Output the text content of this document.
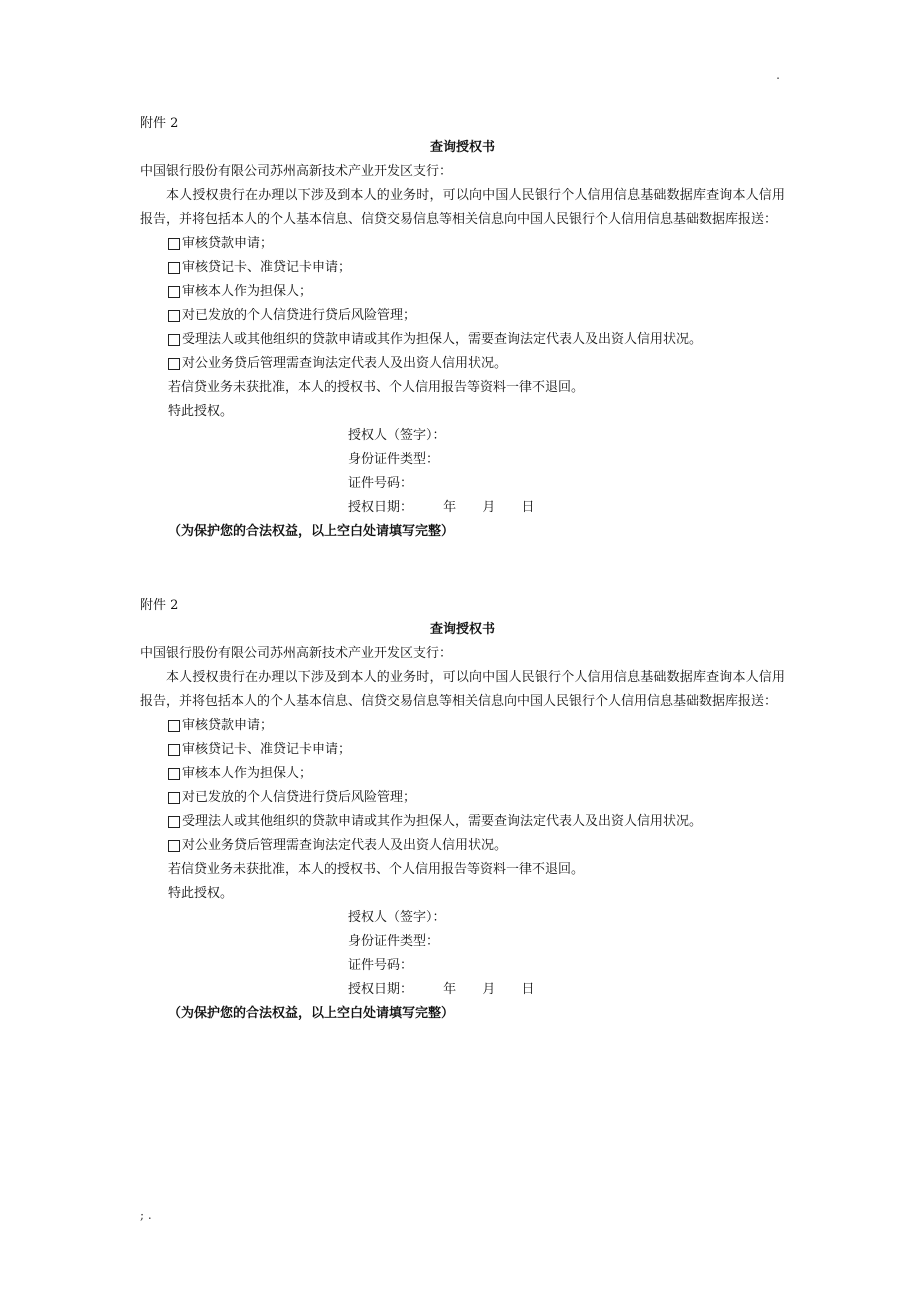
.
附件 2
查询授权书
中国银行股份有限公司苏州高新技术产业开发区支行：
本人授权贵行在办理以下涉及到本人的业务时，可以向中国人民银行个人信用信息基础数据库查询本人信用报告，并将包括本人的个人基本信息、信贷交易信息等相关信息向中国人民银行个人信用信息基础数据库报送：
审核贷款申请；
审核贷记卡、准贷记卡申请；
审核本人作为担保人；
对已发放的个人信贷进行贷后风险管理；
受理法人或其他组织的贷款申请或其作为担保人，需要查询法定代表人及出资人信用状况。
对公业务贷后管理需查询法定代表人及出资人信用状况。
若信贷业务未获批准，本人的授权书、个人信用报告等资料一律不退回。
特此授权。
授权人（签字）：
身份证件类型：
证件号码：
授权日期： 年 月 日
（为保护您的合法权益，以上空白处请填写完整）
附件 2
查询授权书
中国银行股份有限公司苏州高新技术产业开发区支行：
本人授权贵行在办理以下涉及到本人的业务时，可以向中国人民银行个人信用信息基础数据库查询本人信用报告，并将包括本人的个人基本信息、信贷交易信息等相关信息向中国人民银行个人信用信息基础数据库报送：
审核贷款申请；
审核贷记卡、准贷记卡申请；
审核本人作为担保人；
对已发放的个人信贷进行贷后风险管理；
受理法人或其他组织的贷款申请或其作为担保人，需要查询法定代表人及出资人信用状况。
对公业务贷后管理需查询法定代表人及出资人信用状况。
若信贷业务未获批准，本人的授权书、个人信用报告等资料一律不退回。
特此授权。
授权人（签字）：
身份证件类型：
证件号码：
授权日期： 年 月 日
（为保护您的合法权益，以上空白处请填写完整）
; .
